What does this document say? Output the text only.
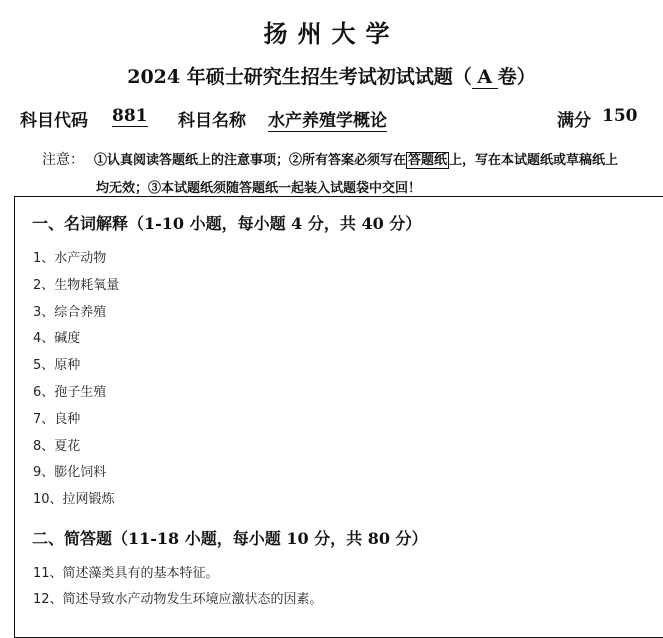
扬州大学
2024 年硕士研究生招生考试初试试题（ A 卷）
科目代码 881 科目名称 水产养殖学概论	满分 150
注意： ①认真阅读答题纸上的注意事项；②所有答案必须写在 答题纸 上，写在本试题纸或草稿纸上
均无效；③本试题纸须随答题纸一起装入试题袋中交回！
一、名词解释（1-10 小题，每小题 4 分，共 40 分）
1、水产动物
2、生物耗氧量
3、综合养殖
4、碱度
5、原种
6、孢子生殖
7、良种
8、夏花
9、膨化饲料
10、拉网锻炼
二、简答题（11-18 小题，每小题 10 分，共 80 分）
11、简述藻类具有的基本特征。
12、简述导致水产动物发生环境应激状态的因素。
